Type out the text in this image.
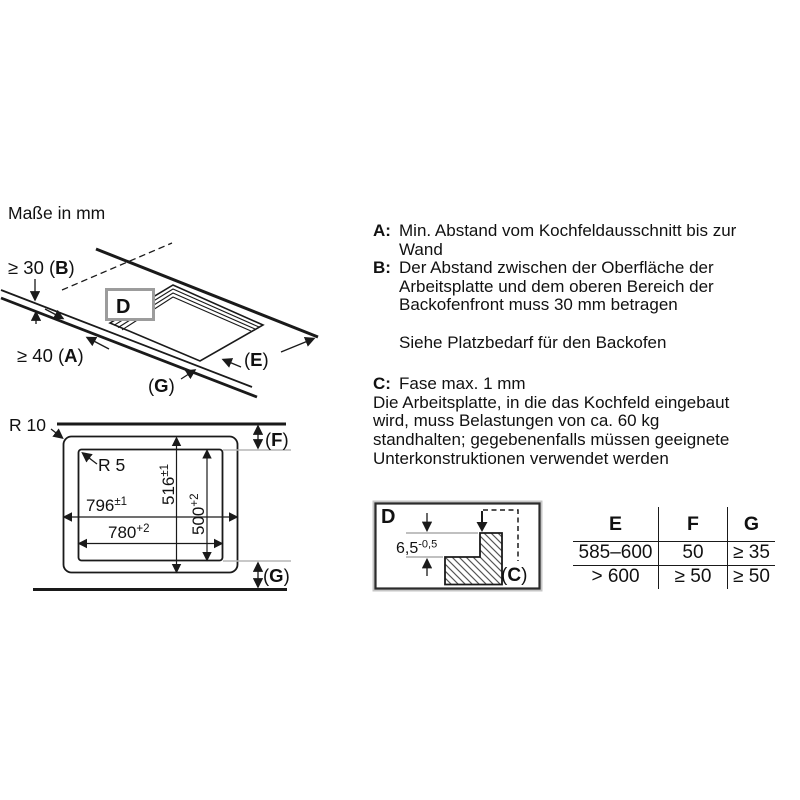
Maße in mm
≥ 30 (B)
≥ 40 (A)	(E)
(G)
D
R 10
R 5
$796^{\pm 1}$
$780^{+2}$
$516^{\pm 1}$
$500^{+2}$
(F)
(G)
D
$6,5^{-0,5}$
(C)
A: Min. Abstand vom Kochfeldausschnitt bis zur
Wand
B: Der Abstand zwischen der Oberfläche der
Arbeitsplatte und dem oberen Bereich der
Backofenfront muss 30 mm betragen
Siehe Platzbedarf für den Backofen
C: Fase max. 1 mm
Die Arbeitsplatte, in die das Kochfeld eingebaut
wird, muss Belastungen von ca. 60 kg
standhalten; gegebenenfalls müssen geeignete
Unterkonstruktionen verwendet werden
E	F	G
585–600	50	≥ 35
> 600	≥ 50	≥ 50
